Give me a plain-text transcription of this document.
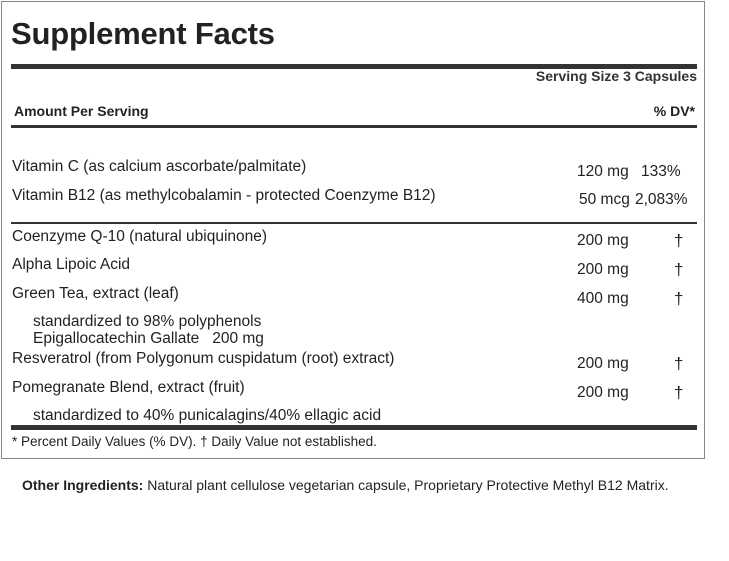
Supplement Facts
Serving Size 3 Capsules
Amount Per Serving	% DV*
Vitamin C (as calcium ascorbate/palmitate)	120 mg 133%
Vitamin B12 (as methylcobalamin - protected Coenzyme B12)	50 mcg 2,083%
Coenzyme Q-10 (natural ubiquinone)	200 mg	†
Alpha Lipoic Acid	200 mg	†
Green Tea, extract (leaf)	400 mg	†
standardized to 98% polyphenols
Epigallocatechin Gallate   200 mg
Resveratrol (from Polygonum cuspidatum (root) extract)	200 mg	†
Pomegranate Blend, extract (fruit)	200 mg	†
standardized to 40% punicalagins/40% ellagic acid
* Percent Daily Values (% DV). † Daily Value not established.
Other Ingredients: Natural plant cellulose vegetarian capsule, Proprietary Protective Methyl B12 Matrix.
